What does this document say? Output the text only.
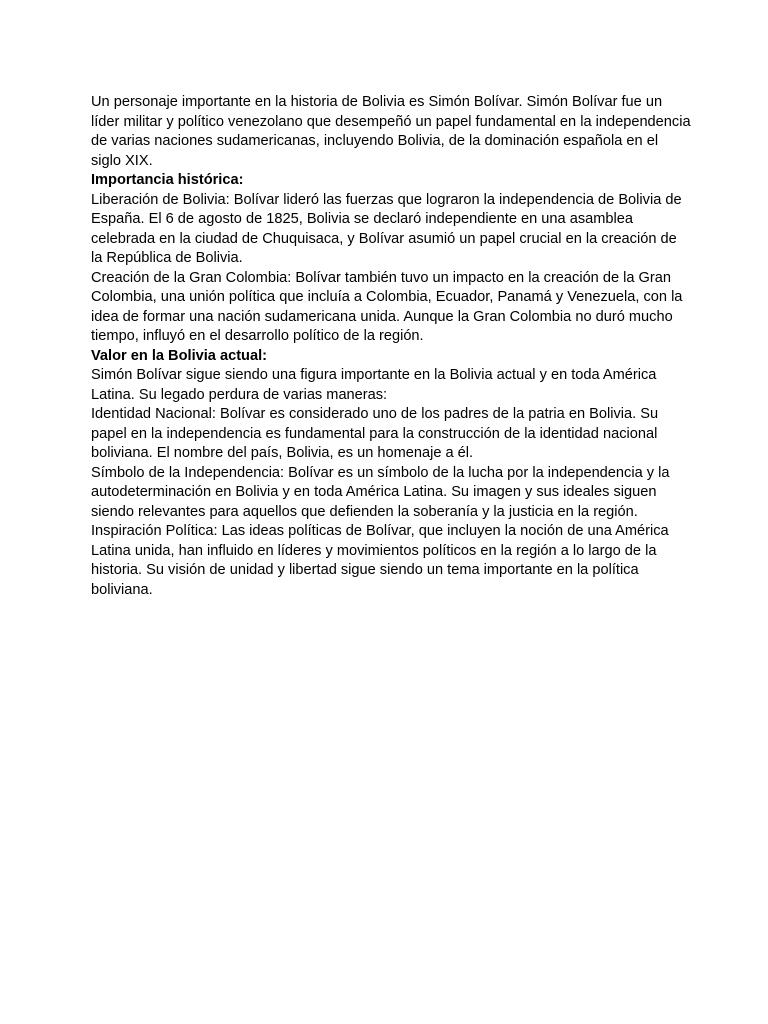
Un personaje importante en la historia de Bolivia es Simón Bolívar. Simón Bolívar fue un líder militar y político venezolano que desempeñó un papel fundamental en la independencia de varias naciones sudamericanas, incluyendo Bolivia, de la dominación española en el siglo XIX.

Importancia histórica:

Liberación de Bolivia: Bolívar lideró las fuerzas que lograron la independencia de Bolivia de España. El 6 de agosto de 1825, Bolivia se declaró independiente en una asamblea celebrada en la ciudad de Chuquisaca, y Bolívar asumió un papel crucial en la creación de la República de Bolivia.

Creación de la Gran Colombia: Bolívar también tuvo un impacto en la creación de la Gran Colombia, una unión política que incluía a Colombia, Ecuador, Panamá y Venezuela, con la idea de formar una nación sudamericana unida. Aunque la Gran Colombia no duró mucho tiempo, influyó en el desarrollo político de la región.

Valor en la Bolivia actual:

Simón Bolívar sigue siendo una figura importante en la Bolivia actual y en toda América Latina. Su legado perdura de varias maneras:

Identidad Nacional: Bolívar es considerado uno de los padres de la patria en Bolivia. Su papel en la independencia es fundamental para la construcción de la identidad nacional boliviana. El nombre del país, Bolivia, es un homenaje a él.

Símbolo de la Independencia: Bolívar es un símbolo de la lucha por la independencia y la autodeterminación en Bolivia y en toda América Latina. Su imagen y sus ideales siguen siendo relevantes para aquellos que defienden la soberanía y la justicia en la región.

Inspiración Política: Las ideas políticas de Bolívar, que incluyen la noción de una América Latina unida, han influido en líderes y movimientos políticos en la región a lo largo de la historia. Su visión de unidad y libertad sigue siendo un tema importante en la política boliviana.
